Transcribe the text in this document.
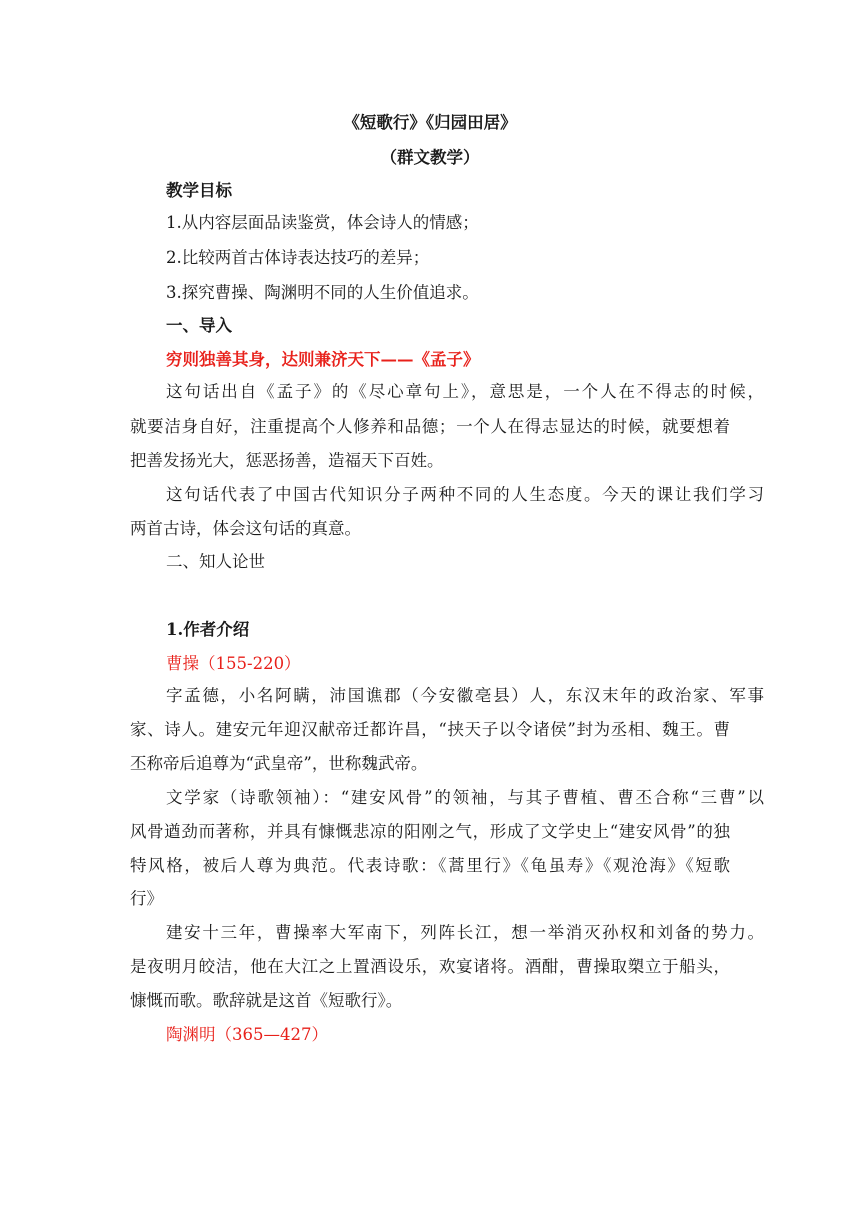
《短歌行》《归园田居》
（群文教学）
教学目标
1.从内容层面品读鉴赏，体会诗人的情感；
2.比较两首古体诗表达技巧的差异；
3.探究曹操、陶渊明不同的人生价值追求。
一、导入
穷则独善其身，达则兼济天下——《孟子》
这句话出自《孟子》的《尽心章句上》，意思是，一个人在不得志的时候，
就要洁身自好，注重提高个人修养和品德；一个人在得志显达的时候，就要想着
把善发扬光大，惩恶扬善，造福天下百姓。
这句话代表了中国古代知识分子两种不同的人生态度。今天的课让我们学习
两首古诗，体会这句话的真意。
二、知人论世
1.作者介绍
曹操（155-220）
字孟德，小名阿瞒，沛国谯郡（今安徽亳县）人，东汉末年的政治家、军事
家、诗人。建安元年迎汉献帝迁都许昌，“挟天子以令诸侯”封为丞相、魏王。曹
丕称帝后追尊为“武皇帝”，世称魏武帝。
文学家（诗歌领袖）：“建安风骨”的领袖，与其子曹植、曹丕合称“三曹”以
风骨遒劲而著称，并具有慷慨悲凉的阳刚之气，形成了文学史上“建安风骨”的独
特风格，被后人尊为典范。代表诗歌：《蒿里行》《龟虽寿》《观沧海》《短歌
行》
建安十三年，曹操率大军南下，列阵长江，想一举消灭孙权和刘备的势力。
是夜明月皎洁，他在大江之上置酒设乐，欢宴诸将。酒酣，曹操取槊立于船头，
慷慨而歌。歌辞就是这首《短歌行》。
陶渊明（365—427）
